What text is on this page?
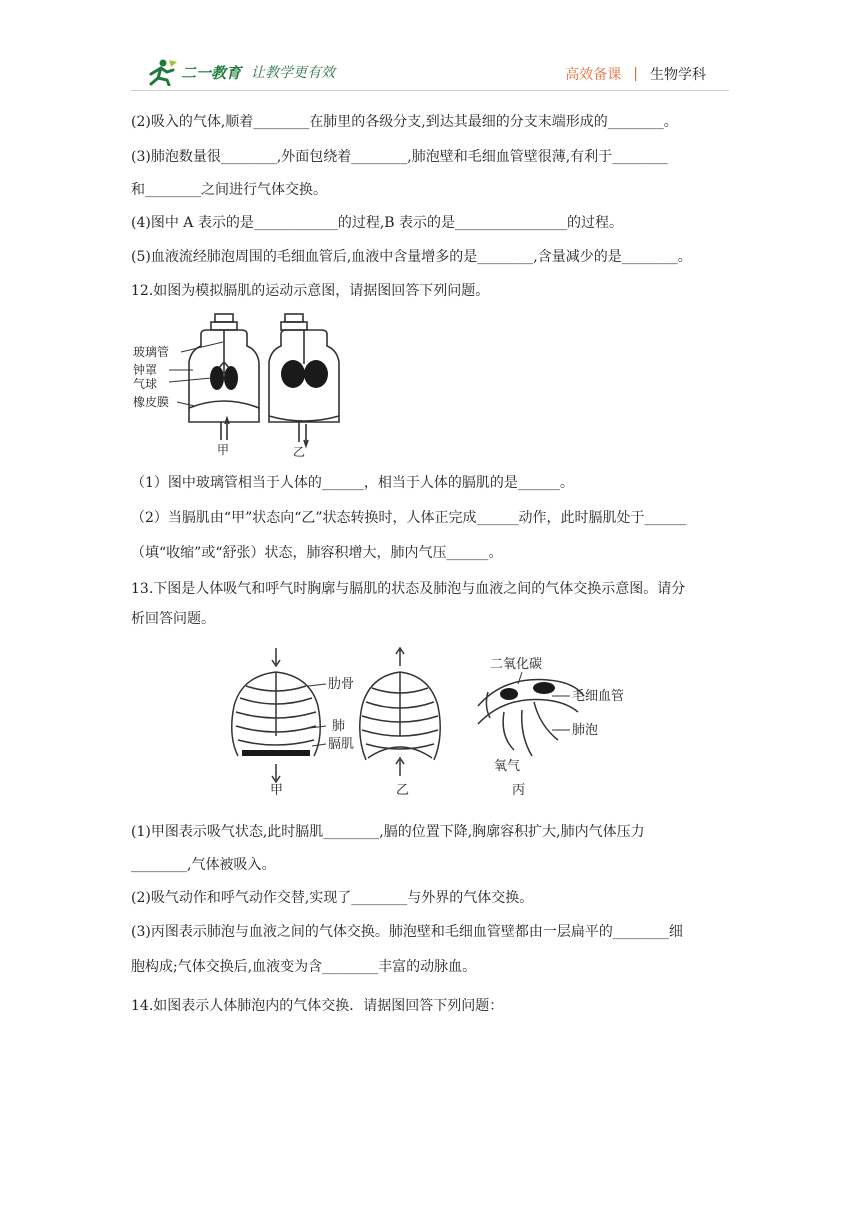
二一教育 让教学更有效	高效备课 | 生物学科
(2)吸入的气体,顺着________在肺里的各级分支,到达其最细的分支末端形成的________。
(3)肺泡数量很________,外面包绕着________,肺泡壁和毛细血管壁很薄,有利于________
和________之间进行气体交换。
(4)图中 A 表示的是____________的过程,B 表示的是________________的过程。
(5)血液流经肺泡周围的毛细血管后,血液中含量增多的是________,含量减少的是________。
12.如图为模拟膈肌的运动示意图，请据图回答下列问题。
玻璃管
钟罩
气球
橡皮膜
甲	乙
（1）图中玻璃管相当于人体的______，相当于人体的膈肌的是______。
（2）当膈肌由“甲”状态向“乙”状态转换时，人体正完成______动作，此时膈肌处于______
（填“收缩”或“舒张）状态，肺容积增大，肺内气压______。
13.下图是人体吸气和呼气时胸廓与膈肌的状态及肺泡与血液之间的气体交换示意图。请分
析回答问题。
肋骨
肺
膈肌
二氧化碳
毛细血管
肺泡
氧气
甲	乙	丙
(1)甲图表示吸气状态,此时膈肌________,膈的位置下降,胸廓容积扩大,肺内气体压力
________,气体被吸入。
(2)吸气动作和呼气动作交替,实现了________与外界的气体交换。
(3)丙图表示肺泡与血液之间的气体交换。肺泡壁和毛细血管壁都由一层扁平的________细
胞构成;气体交换后,血液变为含________丰富的动脉血。
14.如图表示人体肺泡内的气体交换．请据图回答下列问题：
